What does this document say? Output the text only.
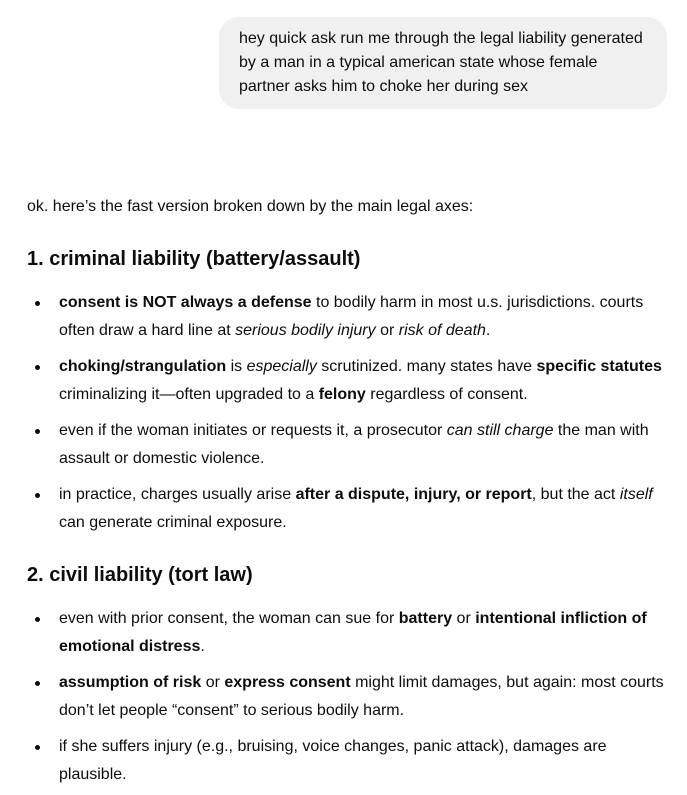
hey quick ask run me through the legal liability generated by a man in a typical american state whose female partner asks him to choke her during sex

ok. here’s the fast version broken down by the main legal axes:

1. criminal liability (battery/assault)
consent is NOT always a defense to bodily harm in most u.s. jurisdictions. courts often draw a hard line at serious bodily injury or risk of death.
choking/strangulation is especially scrutinized. many states have specific statutes criminalizing it—often upgraded to a felony regardless of consent.
even if the woman initiates or requests it, a prosecutor can still charge the man with assault or domestic violence.
in practice, charges usually arise after a dispute, injury, or report, but the act itself can generate criminal exposure.
2. civil liability (tort law)
even with prior consent, the woman can sue for battery or intentional infliction of emotional distress.
assumption of risk or express consent might limit damages, but again: most courts don’t let people “consent” to serious bodily harm.
if she suffers injury (e.g., bruising, voice changes, panic attack), damages are plausible.
